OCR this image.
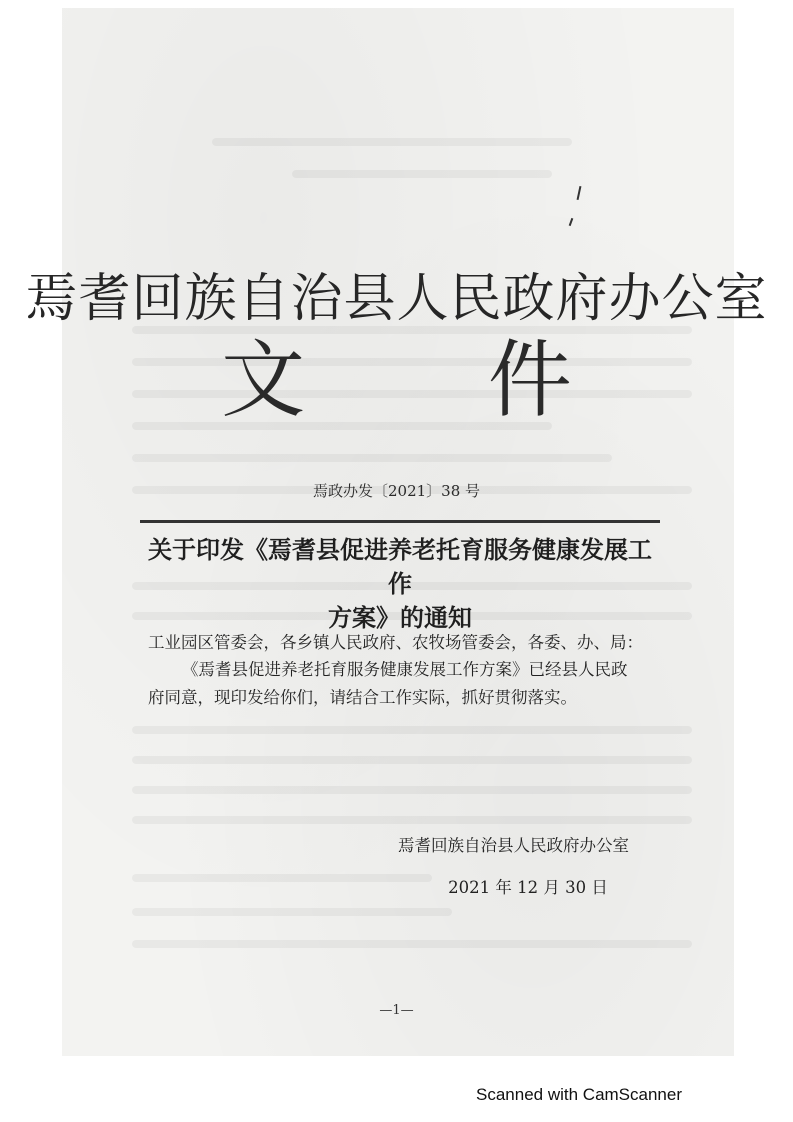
焉耆回族自治县人民政府办公室
文 件
焉政办发〔2021〕38 号
关于印发《焉耆县促进养老托育服务健康发展工作
方案》的通知
工业园区管委会，各乡镇人民政府、农牧场管委会，各委、办、局：
《焉耆县促进养老托育服务健康发展工作方案》已经县人民政
府同意，现印发给你们，请结合工作实际，抓好贯彻落实。
焉耆回族自治县人民政府办公室
2021 年 12 月 30 日
—1—
Scanned with CamScanner
